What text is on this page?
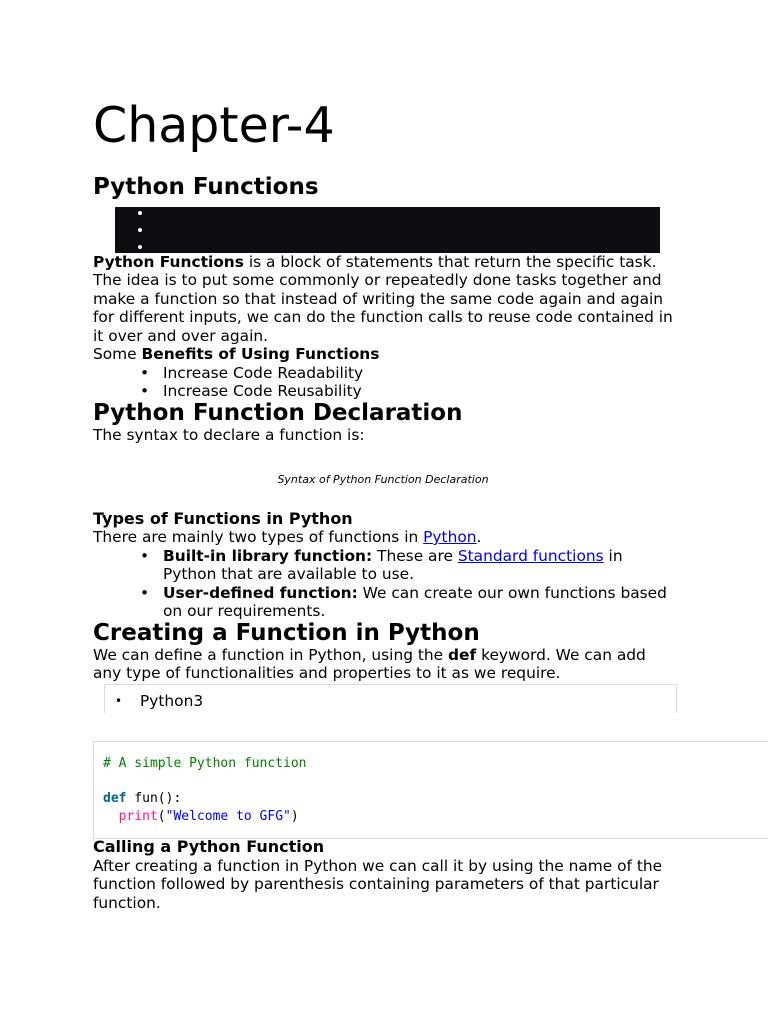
Chapter-4
Python Functions

Python Functions is a block of statements that return the specific task. The idea is to put some commonly or repeatedly done tasks together and make a function so that instead of writing the same code again and again for different inputs, we can do the function calls to reuse code contained in it over and over again.

Some Benefits of Using Functions

• Increase Code Readability
• Increase Code Reusability
Python Function Declaration

The syntax to declare a function is:

Syntax of Python Function Declaration
Types of Functions in Python

There are mainly two types of functions in Python.

• Built-in library function: These are Standard functions in Python that are available to use.
• User-defined function: We can create our own functions based on our requirements.
Creating a Function in Python

We can define a function in Python, using the def keyword. We can add any type of functionalities and properties to it as we require.

• Python3
# A simple Python function

def fun():
print("Welcome to GFG")
Calling a Python Function

After creating a function in Python we can call it by using the name of the function followed by parenthesis containing parameters of that particular function.
